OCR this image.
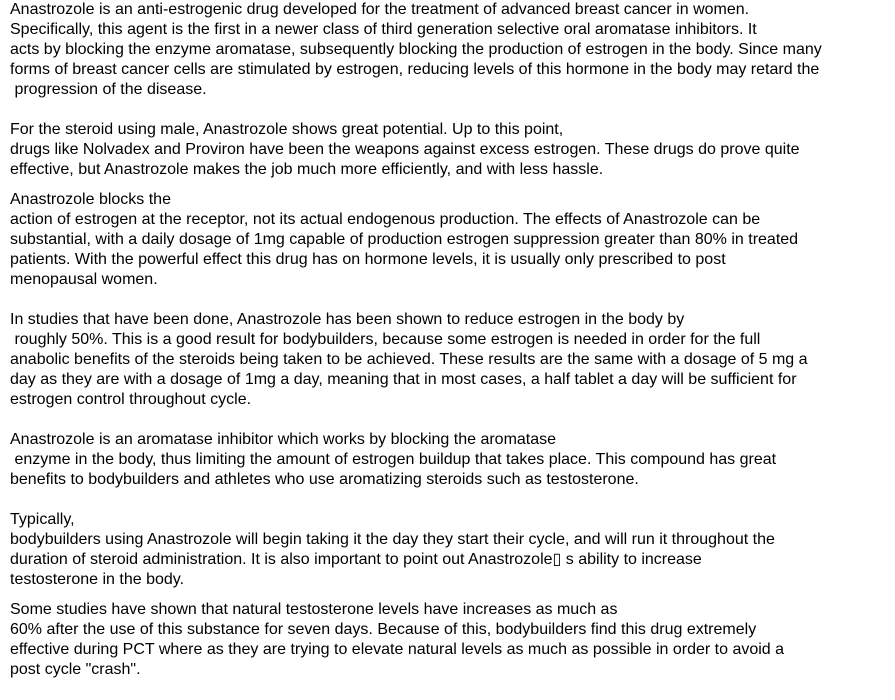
Anastrozole is an anti-estrogenic drug developed for the treatment of advanced breast cancer in women.
Specifically, this agent is the first in a newer class of third generation selective oral aromatase inhibitors. It
acts by blocking the enzyme aromatase, subsequently blocking the production of estrogen in the body. Since many
forms of breast cancer cells are stimulated by estrogen, reducing levels of this hormone in the body may retard the
progression of the disease.

For the steroid using male, Anastrozole shows great potential. Up to this point,
drugs like Nolvadex and Proviron have been the weapons against excess estrogen. These drugs do prove quite
effective, but Anastrozole makes the job much more efficiently, and with less hassle.

Anastrozole blocks the
action of estrogen at the receptor, not its actual endogenous production. The effects of Anastrozole can be
substantial, with a daily dosage of 1mg capable of production estrogen suppression greater than 80% in treated
patients. With the powerful effect this drug has on hormone levels, it is usually only prescribed to post
menopausal women.

In studies that have been done, Anastrozole has been shown to reduce estrogen in the body by
roughly 50%. This is a good result for bodybuilders, because some estrogen is needed in order for the full
anabolic benefits of the steroids being taken to be achieved. These results are the same with a dosage of 5 mg a
day as they are with a dosage of 1mg a day, meaning that in most cases, a half tablet a day will be sufficient for
estrogen control throughout cycle.

Anastrozole is an aromatase inhibitor which works by blocking the aromatase
enzyme in the body, thus limiting the amount of estrogen buildup that takes place. This compound has great
benefits to bodybuilders and athletes who use aromatizing steroids such as testosterone.

Typically,
bodybuilders using Anastrozole will begin taking it the day they start their cycle, and will run it throughout the
duration of steroid administration. It is also important to point out Anastrozole▯ s ability to increase
testosterone in the body.

Some studies have shown that natural testosterone levels have increases as much as
60% after the use of this substance for seven days. Because of this, bodybuilders find this drug extremely
effective during PCT where as they are trying to elevate natural levels as much as possible in order to avoid a
post cycle "crash".
